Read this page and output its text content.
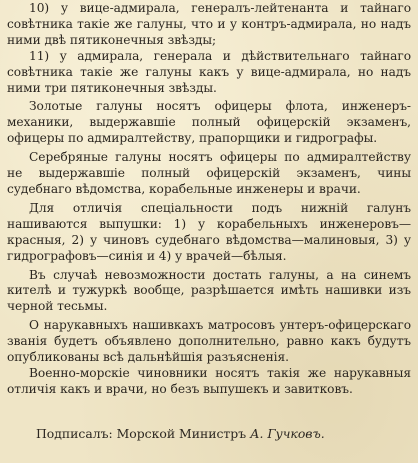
10) у вице-адмирала, генералъ-лейтенанта и тайнаго совѣтника такіе же галуны, что и у контръ-адмирала, но надъ ними двѣ пятиконечныя звѣзды;

11) у адмирала, генерала и дѣйствительнаго тайнаго совѣтника такіе же галуны какъ у вице-адмирала, но надъ ними три пятиконечныя звѣзды.

Золотые галуны носятъ офицеры флота, инженеръ-механики, выдержавшіе полный офицерскій экзаменъ, офицеры по адмиралтейству, прапорщики и гидрографы.

Серебряные галуны носятъ офицеры по адмиралтейству не выдержавшіе полный офицерскій экзаменъ, чины судебнаго вѣдомства, корабельные инженеры и врачи.

Для отличія спеціальности подъ нижній галунъ нашиваются выпушки: 1) у корабельныхъ инженеровъ—красныя, 2) у чиновъ судебнаго вѣдомства—малиновыя, 3) у гидрографовъ—синія и 4) у врачей—бѣлыя.

Въ случаѣ невозможности достать галуны, а на синемъ кителѣ и тужуркѣ вообще, разрѣшается имѣть нашивки изъ черной тесьмы.

О нарукавныхъ нашивкахъ матросовъ унтеръ-офицерскаго званія будетъ объявлено дополнительно, равно какъ будутъ опубликованы всѣ дальнѣйшія разъясненія.

Военно-морскіе чиновники носятъ такія же нарукавныя отличія какъ и врачи, но безъ выпушекъ и завитковъ.

Подписалъ: Морской Министръ А. Гучковъ.
